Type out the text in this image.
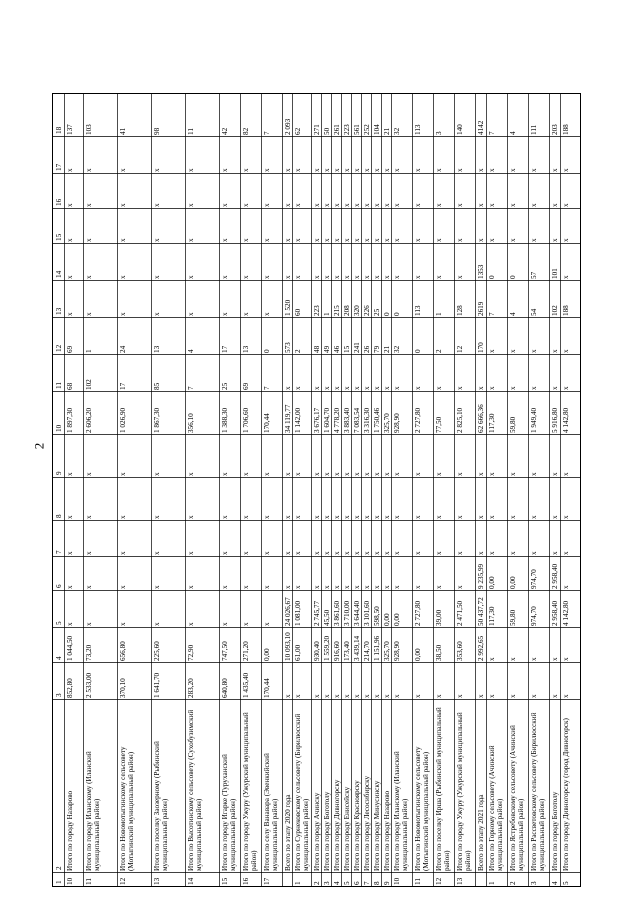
2
1
2
3
4
5
6
7
8
9
10
11
12
13
14
15
16
17
18
10
Итого по городу Назарово
852,80
1 044,50
х
х
х
х
х
1 897,30
68
69
х
х
х
х
х
137
11
Итого по городу Иланскому (Иланскиймуниципальный район)
2 533,00
73,20
х
х
х
х
х
2 606,20
102
1
х
х
х
х
х
103
12
Итого по Новомотыгинскому сельсовету(Мотыгинский муниципальный район)
370,10
656,80
х
х
х
х
х
1 026,90
17
24
х
х
х
х
х
41
13
Итого по поселку Заозерному (Рыбинскиймуниципальный район)
1 641,70
225,60
х
х
х
х
х
1 867,30
85
13
х
х
х
х
х
98
14
Итого по Высотинскому сельсовету (Сухобузимскиймуниципальный район)
283,20
72,90
х
х
х
х
х
356,10
7
4
х
х
х
х
х
11
15
Итого по городу Игарке (Туруханскиймуниципальный район)
640,80
747,50
х
х
х
х
х
1 388,30
25
17
х
х
х
х
х
42
16
Итого по городу Ужуру (Ужурский муниципальныйрайон)
1 435,40
271,20
х
х
х
х
х
1 706,60
69
13
х
х
х
х
х
82
17
Итого по селу Ванавара (Эвенкийскиймуниципальный район)
170,44
0,00
х
х
х
х
х
170,44
7
0
х
х
х
х
х
7
Всего по этапу 2020 года
х
10 093,10
24 026,67
х
х
х
х
34 119,77
х
573
1 520
х
х
х
х
2 093
1
Итого по Сурнековскому сельсовету (Бирилюсскиймуниципальный район)
х
61,00
1 081,00
х
х
х
х
1 142,00
х
2
60
х
х
х
х
62
2
Итого по городу Ачинску
х
930,40
2 745,77
х
х
х
х
3 676,17
х
48
223
х
х
х
х
271
3
Итого по городу Боготолу
х
1 559,20
45,50
х
х
х
х
1 604,70
х
49
1
х
х
х
х
50
4
Итого по городу Дивногорску
х
916,60
3 861,60
х
х
х
х
4 778,20
х
46
215
х
х
х
х
261
5
Итого по городу Енисейску
х
173,40
3 710,00
х
х
х
х
3 883,40
х
15
208
х
х
х
х
223
6
Итого по городу Красноярску
х
3 439,14
3 644,40
х
х
х
х
7 083,54
х
241
320
х
х
х
х
561
7
Итого по городу Лесосибирску
х
214,70
3 101,60
х
х
х
х
3 316,30
х
26
226
х
х
х
х
252
8
Итого по городу Минусинску
х
1 151,96
598,50
х
х
х
х
1 750,46
х
79
25
х
х
х
х
104
9
Итого по городу Назарово
х
325,70
0,00
х
х
х
х
325,70
х
21
0
х
х
х
х
21
10
Итого по городу Иланскому (Иланскиймуниципальный район)
х
928,90
0,00
х
х
х
х
928,90
х
32
0
х
х
х
х
32
11
Итого по Новомотыгинскому сельсовету(Мотыгинский муниципальный район)
х
0,00
2 727,80
х
х
х
х
2 727,80
х
0
113
х
х
х
х
113
12
Итого по поселку Ирша (Рыбинский муниципальныйрайон)
х
38,50
39,00
х
х
х
х
77,50
х
2
1
х
х
х
х
3
13
Итого по городу Ужуру (Ужурский муниципальныйрайон)
х
353,60
2 471,50
х
х
х
х
2 825,10
х
12
128
х
х
х
х
140
Всего по этапу 2021 года
х
2 992,65
50 437,72
9 235,99
х
х
х
62 666,36
х
170
2619
1353
х
х
х
4142
1
Итого по Горному сельсовету (Ачинскиймуниципальный район)
х
х
117,30
0,00
х
х
х
117,30
х
х
7
0
х
х
х
7
2
Итого по Ястребовскому сельсовету (Ачинскиймуниципальный район)
х
х
59,80
0,00
х
х
х
59,80
х
х
4
0
х
х
х
4
3
Итого по Рассветовскому сельсовету (Бирилюсскиймуниципальный район)
х
х
974,70
974,70
х
х
х
1 949,40
х
х
54
57
х
х
х
111
4
Итого по городу Боготолу
х
х
2 958,40
2 958,40
х
х
х
5 916,80
х
х
102
101
х
х
х
203
5
Итого по городу Дивногорску (город Дивногорск)
х
х
4 142,80
х
х
х
х
4 142,80
х
х
188
х
х
х
х
188
